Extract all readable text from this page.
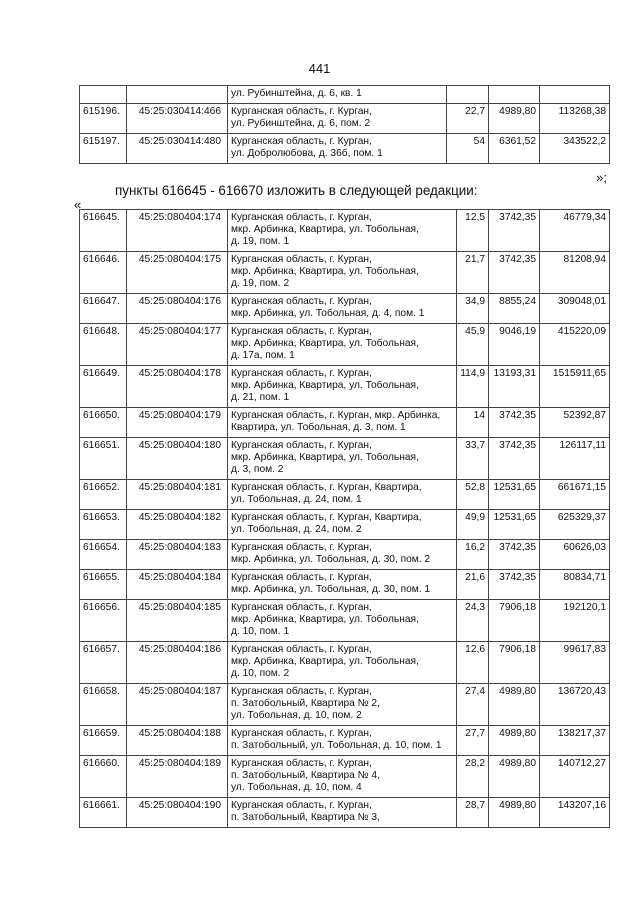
441

		ул. Рубинштейна, д. 6, кв. 1			

615196.	45:25:030414:466	Курганская область, г. Курган,
ул. Рубинштейна, д. 6, пом. 2	22,7	4989,80	113268,38
615197.	45:25:030414:480	Курганская область, г. Курган,
ул. Добролюбова, д. 36б, пом. 1	54	6361,52	343522,2
»;
пункты 616645 - 616670 изложить в следующей редакции:
«
616645.	45:25:080404:174	Курганская область, г. Курган,
мкр. Арбинка, Квартира, ул. Тобольная,
д. 19, пом. 1	12,5	3742,35	46779,34
616646.	45:25:080404:175	Курганская область, г. Курган,
мкр. Арбинка, Квартира, ул. Тобольная,
д. 19, пом. 2	21,7	3742,35	81208,94
616647.	45:25:080404:176	Курганская область, г. Курган,
мкр. Арбинка, ул. Тобольная, д. 4, пом. 1	34,9	8855,24	309048,01
616648.	45:25:080404:177	Курганская область, г. Курган,
мкр. Арбинка, Квартира, ул. Тобольная,
д. 17а, пом. 1	45,9	9046,19	415220,09
616649.	45:25:080404:178	Курганская область, г. Курган,
мкр. Арбинка, Квартира, ул. Тобольная,
д. 21, пом. 1	114,9	13193,31	1515911,65
616650.	45:25:080404:179	Курганская область, г. Курган, мкр. Арбинка,
Квартира, ул. Тобольная, д. 3, пом. 1	14	3742,35	52392,87
616651.	45:25:080404:180	Курганская область, г. Курган,
мкр. Арбинка, Квартира, ул. Тобольная,
д. 3, пом. 2	33,7	3742,35	126117,11
616652.	45:25:080404:181	Курганская область, г. Курган, Квартира,
ул. Тобольная, д. 24, пом. 1	52,8	12531,65	661671,15
616653.	45:25:080404:182	Курганская область, г. Курган, Квартира,
ул. Тобольная, д. 24, пом. 2	49,9	12531,65	625329,37
616654.	45:25:080404:183	Курганская область, г. Курган,
мкр. Арбинка, ул. Тобольная, д. 30, пом. 2	16,2	3742,35	60626,03
616655.	45:25:080404:184	Курганская область, г. Курган,
мкр. Арбинка, ул. Тобольная, д. 30, пом. 1	21,6	3742,35	80834,71
616656.	45:25:080404:185	Курганская область, г. Курган,
мкр. Арбинка, Квартира, ул. Тобольная,
д. 10, пом. 1	24,3	7906,18	192120,1
616657.	45:25:080404:186	Курганская область, г. Курган,
мкр. Арбинка, Квартира, ул. Тобольная,
д. 10, пом. 2	12,6	7906,18	99617,83
616658.	45:25:080404:187	Курганская область, г. Курган,
п. Затобольный, Квартира № 2,
ул. Тобольная, д. 10, пом. 2	27,4	4989,80	136720,43
616659.	45:25:080404:188	Курганская область, г. Курган,
п. Затобольный, ул. Тобольная, д. 10, пом. 1	27,7	4989,80	138217,37
616660.	45:25:080404:189	Курганская область, г. Курган,
п. Затобольный, Квартира № 4,
ул. Тобольная, д. 10, пом. 4	28,2	4989,80	140712,27
616661.	45:25:080404:190	Курганская область, г. Курган,
п. Затобольный, Квартира № 3,	28,7	4989,80	143207,16
